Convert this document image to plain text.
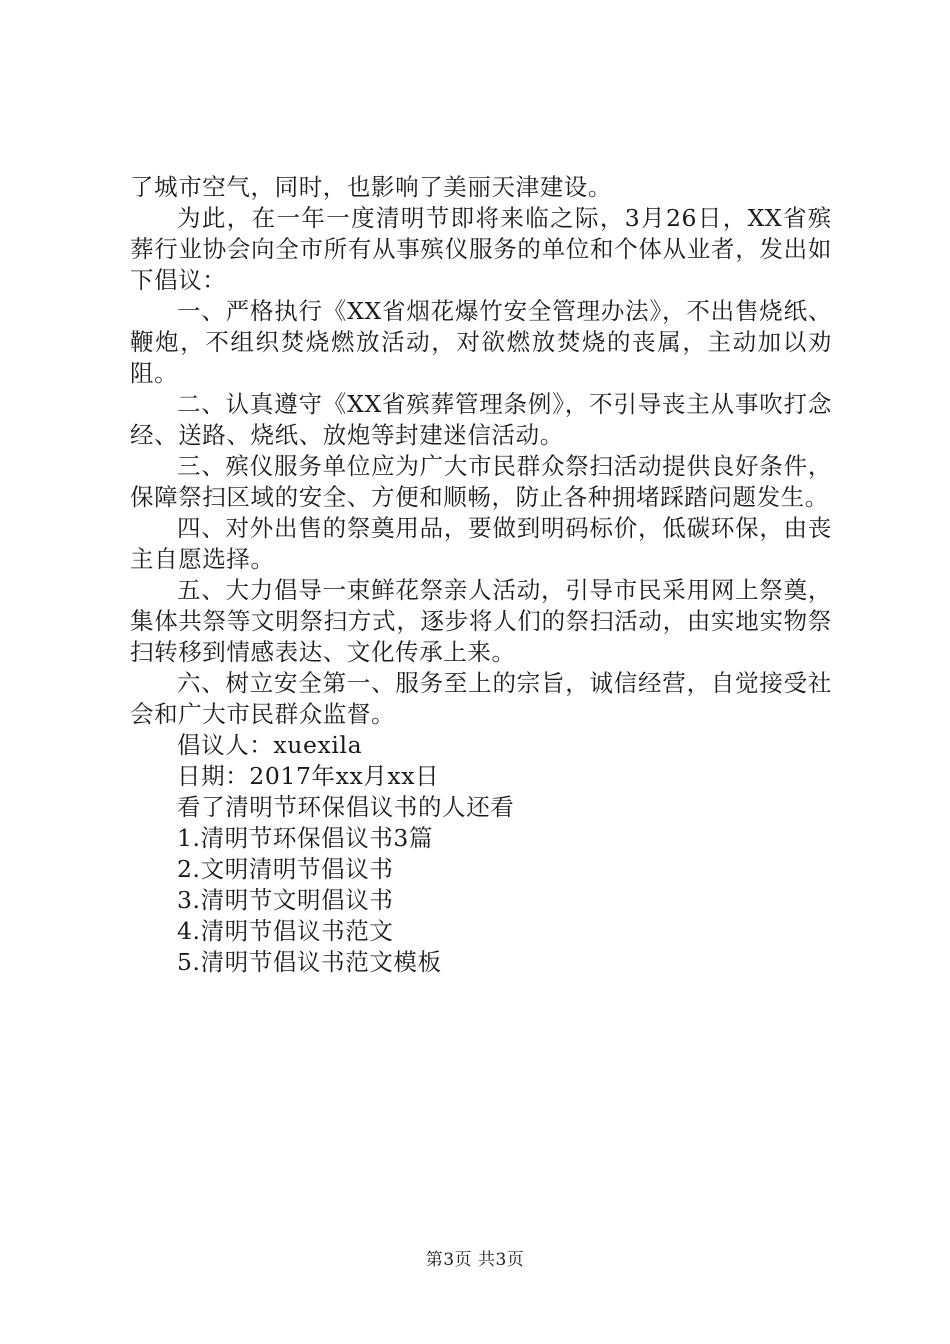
了城市空气，同时，也影响了美丽天津建设。

为此，在一年一度清明节即将来临之际，3月26日，XX省殡葬行业协会向全市所有从事殡仪服务的单位和个体从业者，发出如下倡议：

一、严格执行《XX省烟花爆竹安全管理办法》，不出售烧纸、鞭炮，不组织焚烧燃放活动，对欲燃放焚烧的丧属，主动加以劝阻。

二、认真遵守《XX省殡葬管理条例》，不引导丧主从事吹打念经、送路、烧纸、放炮等封建迷信活动。

三、殡仪服务单位应为广大市民群众祭扫活动提供良好条件，保障祭扫区域的安全、方便和顺畅，防止各种拥堵踩踏问题发生。

四、对外出售的祭奠用品，要做到明码标价，低碳环保，由丧主自愿选择。

五、大力倡导一束鲜花祭亲人活动，引导市民采用网上祭奠，集体共祭等文明祭扫方式，逐步将人们的祭扫活动，由实地实物祭扫转移到情感表达、文化传承上来。

六、树立安全第一、服务至上的宗旨，诚信经营，自觉接受社会和广大市民群众监督。

倡议人：xuexila

日期：2017年xx月xx日

看了清明节环保倡议书的人还看

1.清明节环保倡议书3篇

2.文明清明节倡议书

3.清明节文明倡议书

4.清明节倡议书范文

5.清明节倡议书范文模板

第3页 共3页
